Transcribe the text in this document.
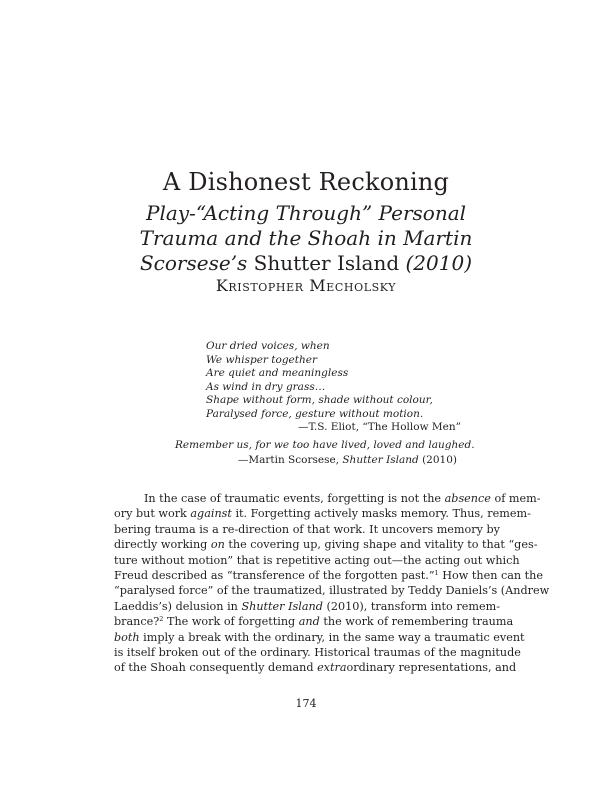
A Dishonest Reckoning
Play-“Acting Through” Personal
Trauma and the Shoah in Martin
Scorsese’s Shutter Island (2010)
Kristopher Mecholsky
Our dried voices, when
We whisper together
Are quiet and meaningless
As wind in dry grass…
Shape without form, shade without colour,
Paralysed force, gesture without motion.
—T.S. Eliot, “The Hollow Men”
Remember us, for we too have lived, loved and laughed.
—Martin Scorsese, Shutter Island (2010)
In the case of traumatic events, forgetting is not the absence of mem-
ory but work against it. Forgetting actively masks memory. Thus, remem-
bering trauma is a re-direction of that work. It uncovers memory by
directly working on the covering up, giving shape and vitality to that “ges-
ture without motion” that is repetitive acting out—the acting out which
Freud described as “transference of the forgotten past.”$^1$ How then can the
“paralysed force” of the traumatized, illustrated by Teddy Daniels’s (Andrew
Laeddis’s) delusion in Shutter Island (2010), transform into remem-
brance?$^2$ The work of forgetting and the work of remembering trauma
both imply a break with the ordinary, in the same way a traumatic event
is itself broken out of the ordinary. Historical traumas of the magnitude
of the Shoah consequently demand extraordinary representations, and
174
